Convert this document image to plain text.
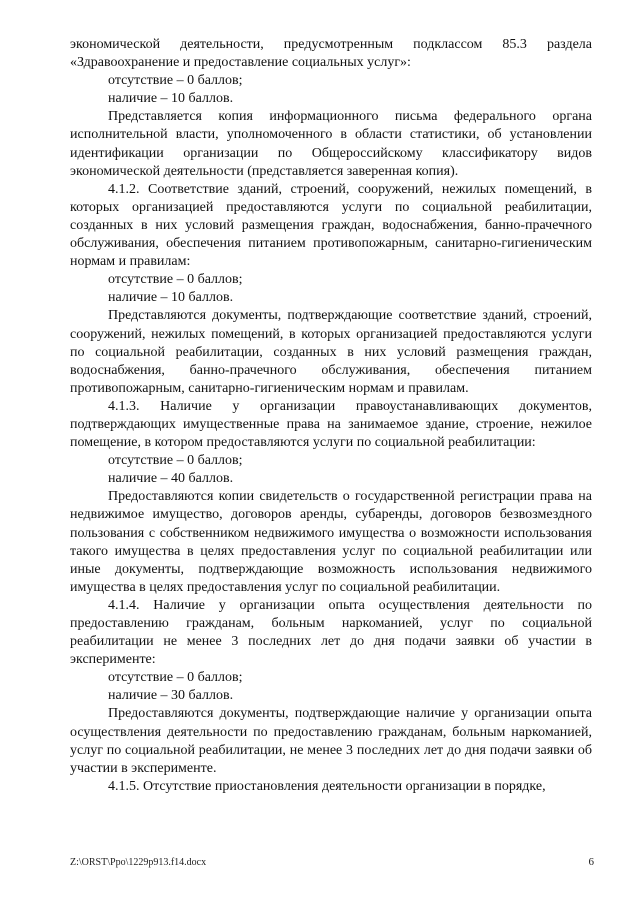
экономической деятельности, предусмотренным подклассом 85.3 раздела «Здравоохранение и предоставление социальных услуг»:

отсутствие – 0 баллов;

наличие – 10 баллов.

Представляется копия информационного письма федерального органа исполнительной власти, уполномоченного в области статистики, об установлении идентификации организации по Общероссийскому классификатору видов экономической деятельности (представляется заверенная копия).

4.1.2. Соответствие зданий, строений, сооружений, нежилых помещений, в которых организацией предоставляются услуги по социальной реабилитации, созданных в них условий размещения граждан, водоснабжения, банно-прачечного обслуживания, обеспечения питанием противопожарным, санитарно-гигиеническим нормам и правилам:

отсутствие – 0 баллов;

наличие – 10 баллов.

Представляются документы, подтверждающие соответствие зданий, строений, сооружений, нежилых помещений, в которых организацией предоставляются услуги по социальной реабилитации, созданных в них условий размещения граждан, водоснабжения, банно-прачечного обслуживания, обеспечения питанием противопожарным, санитарно-гигиеническим нормам и правилам.

4.1.3. Наличие у организации правоустанавливающих документов, подтверждающих имущественные права на занимаемое здание, строение, нежилое помещение, в котором предоставляются услуги по социальной реабилитации:

отсутствие – 0 баллов;

наличие – 40 баллов.

Предоставляются копии свидетельств о государственной регистрации права на недвижимое имущество, договоров аренды, субаренды, договоров безвозмездного пользования с собственником недвижимого имущества о возможности использования такого имущества в целях предоставления услуг по социальной реабилитации или иные документы, подтверждающие возможность использования недвижимого имущества в целях предоставления услуг по социальной реабилитации.

4.1.4. Наличие у организации опыта осуществления деятельности по предоставлению гражданам, больным наркоманией, услуг по социальной реабилитации не менее 3 последних лет до дня подачи заявки об участии в эксперименте:

отсутствие – 0 баллов;

наличие – 30 баллов.

Предоставляются документы, подтверждающие наличие у организации опыта осуществления деятельности по предоставлению гражданам, больным наркоманией, услуг по социальной реабилитации, не менее 3 последних лет до дня подачи заявки об участии в эксперименте.

4.1.5. Отсутствие приостановления деятельности организации в порядке,

Z:\ORST\Ppo\1229p913.f14.docx	6
